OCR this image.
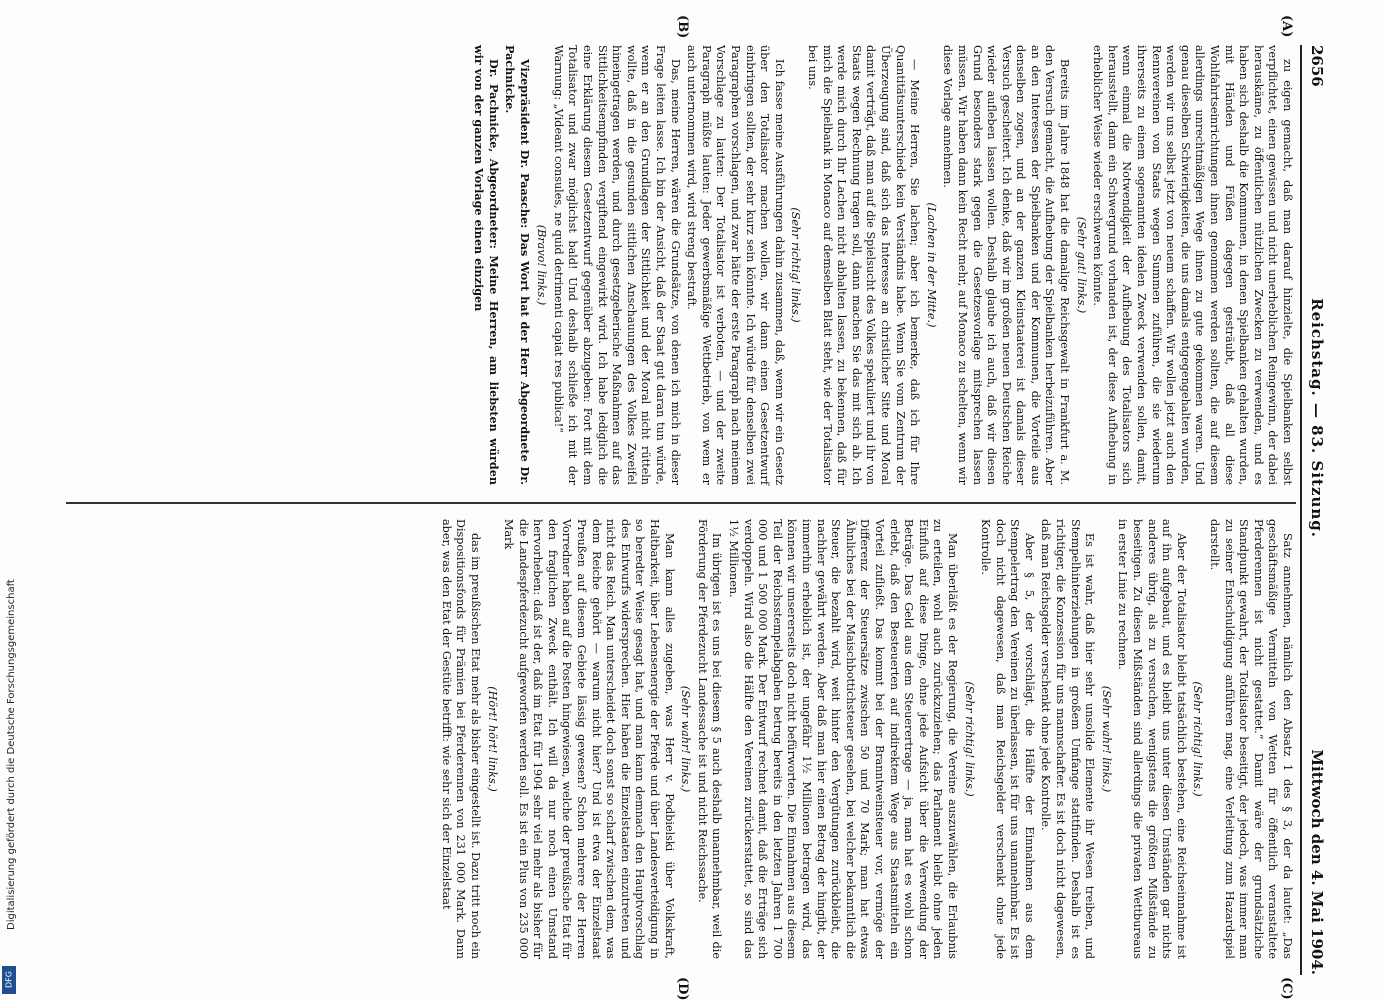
2656
Reichstag. — 83. Sitzung.
Mittwoch den 4. Mai 1904.
(A)
(B)
(C)
(D)

zu eigen gemacht, daß man darauf hinzielte, die Spielbanken selbst verpflichtet, einen gewissen und nicht unerheblichen Reingewinn, der dabei herauskäme, zu öffentlichen nützlichen Zwecken zu verwenden, und es haben sich deshalb die Kommunen, in denen Spielbanken gehalten wurden, mit Händen und Füßen dagegen gesträubt, daß all diese Wohlfahrtseinrichtungen ihnen genommen werden sollten, die auf diesem allerdings unrechtmäßigen Wege ihnen zu gute gekommen waren. Und genau dieselben Schwierigkeiten, die uns damals entgegengehalten wurden, werden wir uns selbst jetzt von neuem schaffen. Wir wollen jetzt auch den Rennvereinen von Staats wegen Summen zuführen, die sie wiederum ihrerseits zu einem sogenannten idealen Zweck verwenden sollen, damit, wenn einmal die Notwendigkeit der Aufhebung des Totalisators sich herausstellt, dann ein Schwergrund vorhanden ist, der diese Aufhebung in erheblicher Weise wieder erschweren könnte.

(Sehr gut! links.)

Bereits im Jahre 1848 hat die damalige Reichsgewalt in Frankfurt a. M. den Versuch gemacht, die Aufhebung der Spielbanken herbeizuführen. Aber an den Interessen der Spielbanken und der Kommunen, die Vorteile aus denselben zogen, und an der ganzen Kleinstaaterei ist damals dieser Versuch gescheitert. Ich denke, daß wir im großen neuen Deutschen Reiche wieder aufleben lassen wollen. Deshalb glaube ich auch, daß wir diesen Grund besonders stark gegen die Gesetzesvorlage mitsprechen lassen müssen. Wir haben dann kein Recht mehr, auf Monaco zu schelten, wenn wir diese Vorlage annehmen.

(Lachen in der Mitte.)

— Meine Herren, Sie lachen; aber ich bemerke, daß ich für Ihre Quantitätsunterschiede kein Verständnis habe. Wenn Sie vom Zentrum der Überzeugung sind, daß sich das Interesse an christlicher Sitte und Moral damit verträgt, daß man auf die Spielsucht des Volkes spekuliert und ihr von Staats wegen Rechnung tragen soll, dann machen Sie das mit sich ab. Ich werde mich durch Ihr Lachen nicht abhalten lassen, zu bekennen, daß für mich die Spielbank in Monaco auf demselben Blatt steht, wie der Totalisator bei uns.

(Sehr richtig! links.)

Ich fasse meine Ausführungen dahin zusammen, daß, wenn wir ein Gesetz über den Totalisator machen wollen, wir dann einen Gesetzentwurf einbringen sollten, der sehr kurz sein könnte. Ich würde für denselben zwei Paragraphen vorschlagen, und zwar hätte der erste Paragraph nach meinem Vorschlage zu lauten: Der Totalisator ist verboten, — und der zweite Paragraph müßte lauten: Jeder gewerbsmäßige Wettbetrieb, von wem er auch unternommen wird, wird streng bestraft.

Das, meine Herren, wären die Grundsätze, von denen ich mich in dieser Frage leiten lasse. Ich bin der Ansicht, daß der Staat gut daran tun würde, wenn er an den Grundlagen der Sittlichkeit und der Moral nicht rütteln wollte, daß in die gesunden sittlichen Anschauungen des Volkes Zweifel hineingetragen werden, und durch gesetzgeberische Maßnahmen auf das Sittlichkeitsempfinden vergiftend eingewirkt wird. Ich habe lediglich die eine Erklärung diesem Gesetzentwurf gegenüber abzugeben: Fort mit dem Totalisator und zwar möglichst bald! Und deshalb schließe ich mit der Warnung: „Videant consules, ne quid detrimenti capiat res publica!“

(Bravo! links.)

Vizepräsident Dr. Paasche: Das Wort hat der Herr Abgeordnete Dr. Pachnicke.

Dr. Pachnicke, Abgeordneter: Meine Herren, am liebsten würden wir von der ganzen Vorlage einen einzigen

Satz annehmen, nämlich den Absatz 1 des § 3, der da lautet: „Das geschäftsmäßige Vermitteln von Wetten für öffentlich veranstaltete Pferderennen ist nicht gestattet.“ Damit wäre der grundsätzliche Standpunkt gewahrt, der Totalisator beseitigt, der jedoch, was immer man zu seiner Entschuldigung anführen mag, eine Verleitung zum Hazardspiel darstellt.

(Sehr richtig! links.)

Aber der Totalisator bleibt tatsächlich bestehen, eine Reichseinnahme ist auf ihn aufgebaut, und es bleibt uns unter diesen Umständen gar nichts anderes übrig, als zu versuchen, wenigstens die größten Mißstände zu beseitigen. Zu diesen Mißständen sind allerdings die privaten Wettbureaus in erster Linie zu rechnen.

(Sehr wahr! links.)

Es ist wahr, daß hier sehr unsolide Elemente ihr Wesen treiben, und Stempelhinterziehungen in großem Umfange stattfinden. Deshalb ist es richtiger, die Konzession für uns mannschafter. Es ist doch nicht dagewesen, daß man Reichsgelder verschenkt ohne jede Kontrolle.

Aber § 5, der vorschlägt, die Hälfte der Einnahmen aus dem Stempelertrag den Vereinen zu überlassen, ist für uns unannehmbar. Es ist doch nicht dagewesen, daß man Reichsgelder verschenkt ohne jede Kontrolle.

(Sehr richtig! links.)

Man überläßt es der Regierung, die Vereine auszuwählen, die Erlaubnis zu erteilen, wohl auch zurückzuziehen; das Parlament bleibt ohne jeden Einfluß auf diese Dinge, ohne jede Aufsicht über die Verwendung der Beträge. Das Geld aus dem Steuerertrage — ja, man hat es wohl schon erlebt, daß den Besteuerten auf indirektem Wege aus Staatsmitteln ein Vorteil zufließt. Das kommt bei der Branntweinsteuer vor, vermöge der Differenz der Steuersätze zwischen 50 und 70 Mark; man hat etwas Ähnliches bei der Maischbottichsteuer gesehen, bei welcher bekanntlich die Steuer, die bezahlt wird, weit hinter den Vergütungen zurückbleibt, die nachher gewährt werden. Aber daß man hier einen Betrag der hingibt, der immerhin erheblich ist, der ungefähr 1½ Millionen betragen wird, das können wir unsererseits doch nicht befürworten. Die Einnahmen aus diesem Teil der Reichsstempelabgaben betrug bereits in den letzten Jahren 1 700 000 und 1 500 000 Mark. Der Entwurf rechnet damit, daß die Erträge sich verdoppeln. Wird also die Hälfte den Vereinen zurückerstattet, so sind das 1½ Millionen.

Im übrigen ist es uns bei diesem § 5 auch deshalb unannehmbar, weil die Förderung der Pferdezucht Landessache ist und nicht Reichssache.

(Sehr wahr! links.)

Man kann alles zugeben, was Herr v. Podbielski über Volkskraft, Haltbarkeit, über Lebensenergie der Pferde und über Landesverteidigung in so beredter Weise gesagt hat, und man kann demnach den Hauptvorschlag des Entwurfs widersprechen. Hier haben die Einzelstaaten einzutreten und nicht das Reich. Man unterscheidet doch sonst so scharf zwischen dem, was dem Reiche gehört — warum nicht hier? Und ist etwa der Einzelstaat Preußen auf diesem Gebiete lässig gewesen? Schon mehrere der Herren Vorredner haben auf die Posten hingewiesen, welche der preußische Etat für den fraglichen Zweck enthält. Ich will da nur noch einen Umstand hervorheben: daß ist der, daß im Etat für 1904 sehr viel mehr als bisher für die Landespferdezucht aufgeworfen werden soll. Es ist ein Plus von 235 000 Mark

(Hört! hört! links.)

das im preußischen Etat mehr als bisher eingestellt ist. Dazu tritt noch ein Dispositionsfonds für Prämien bei Pferderennen von 231 000 Mark. Dann aber, was den Etat der Gestüte betrifft: wie sehr sich der Einzelstaat

Digitalisierung gefördert durch die Deutsche Forschungsgemeinschaft
DFG
